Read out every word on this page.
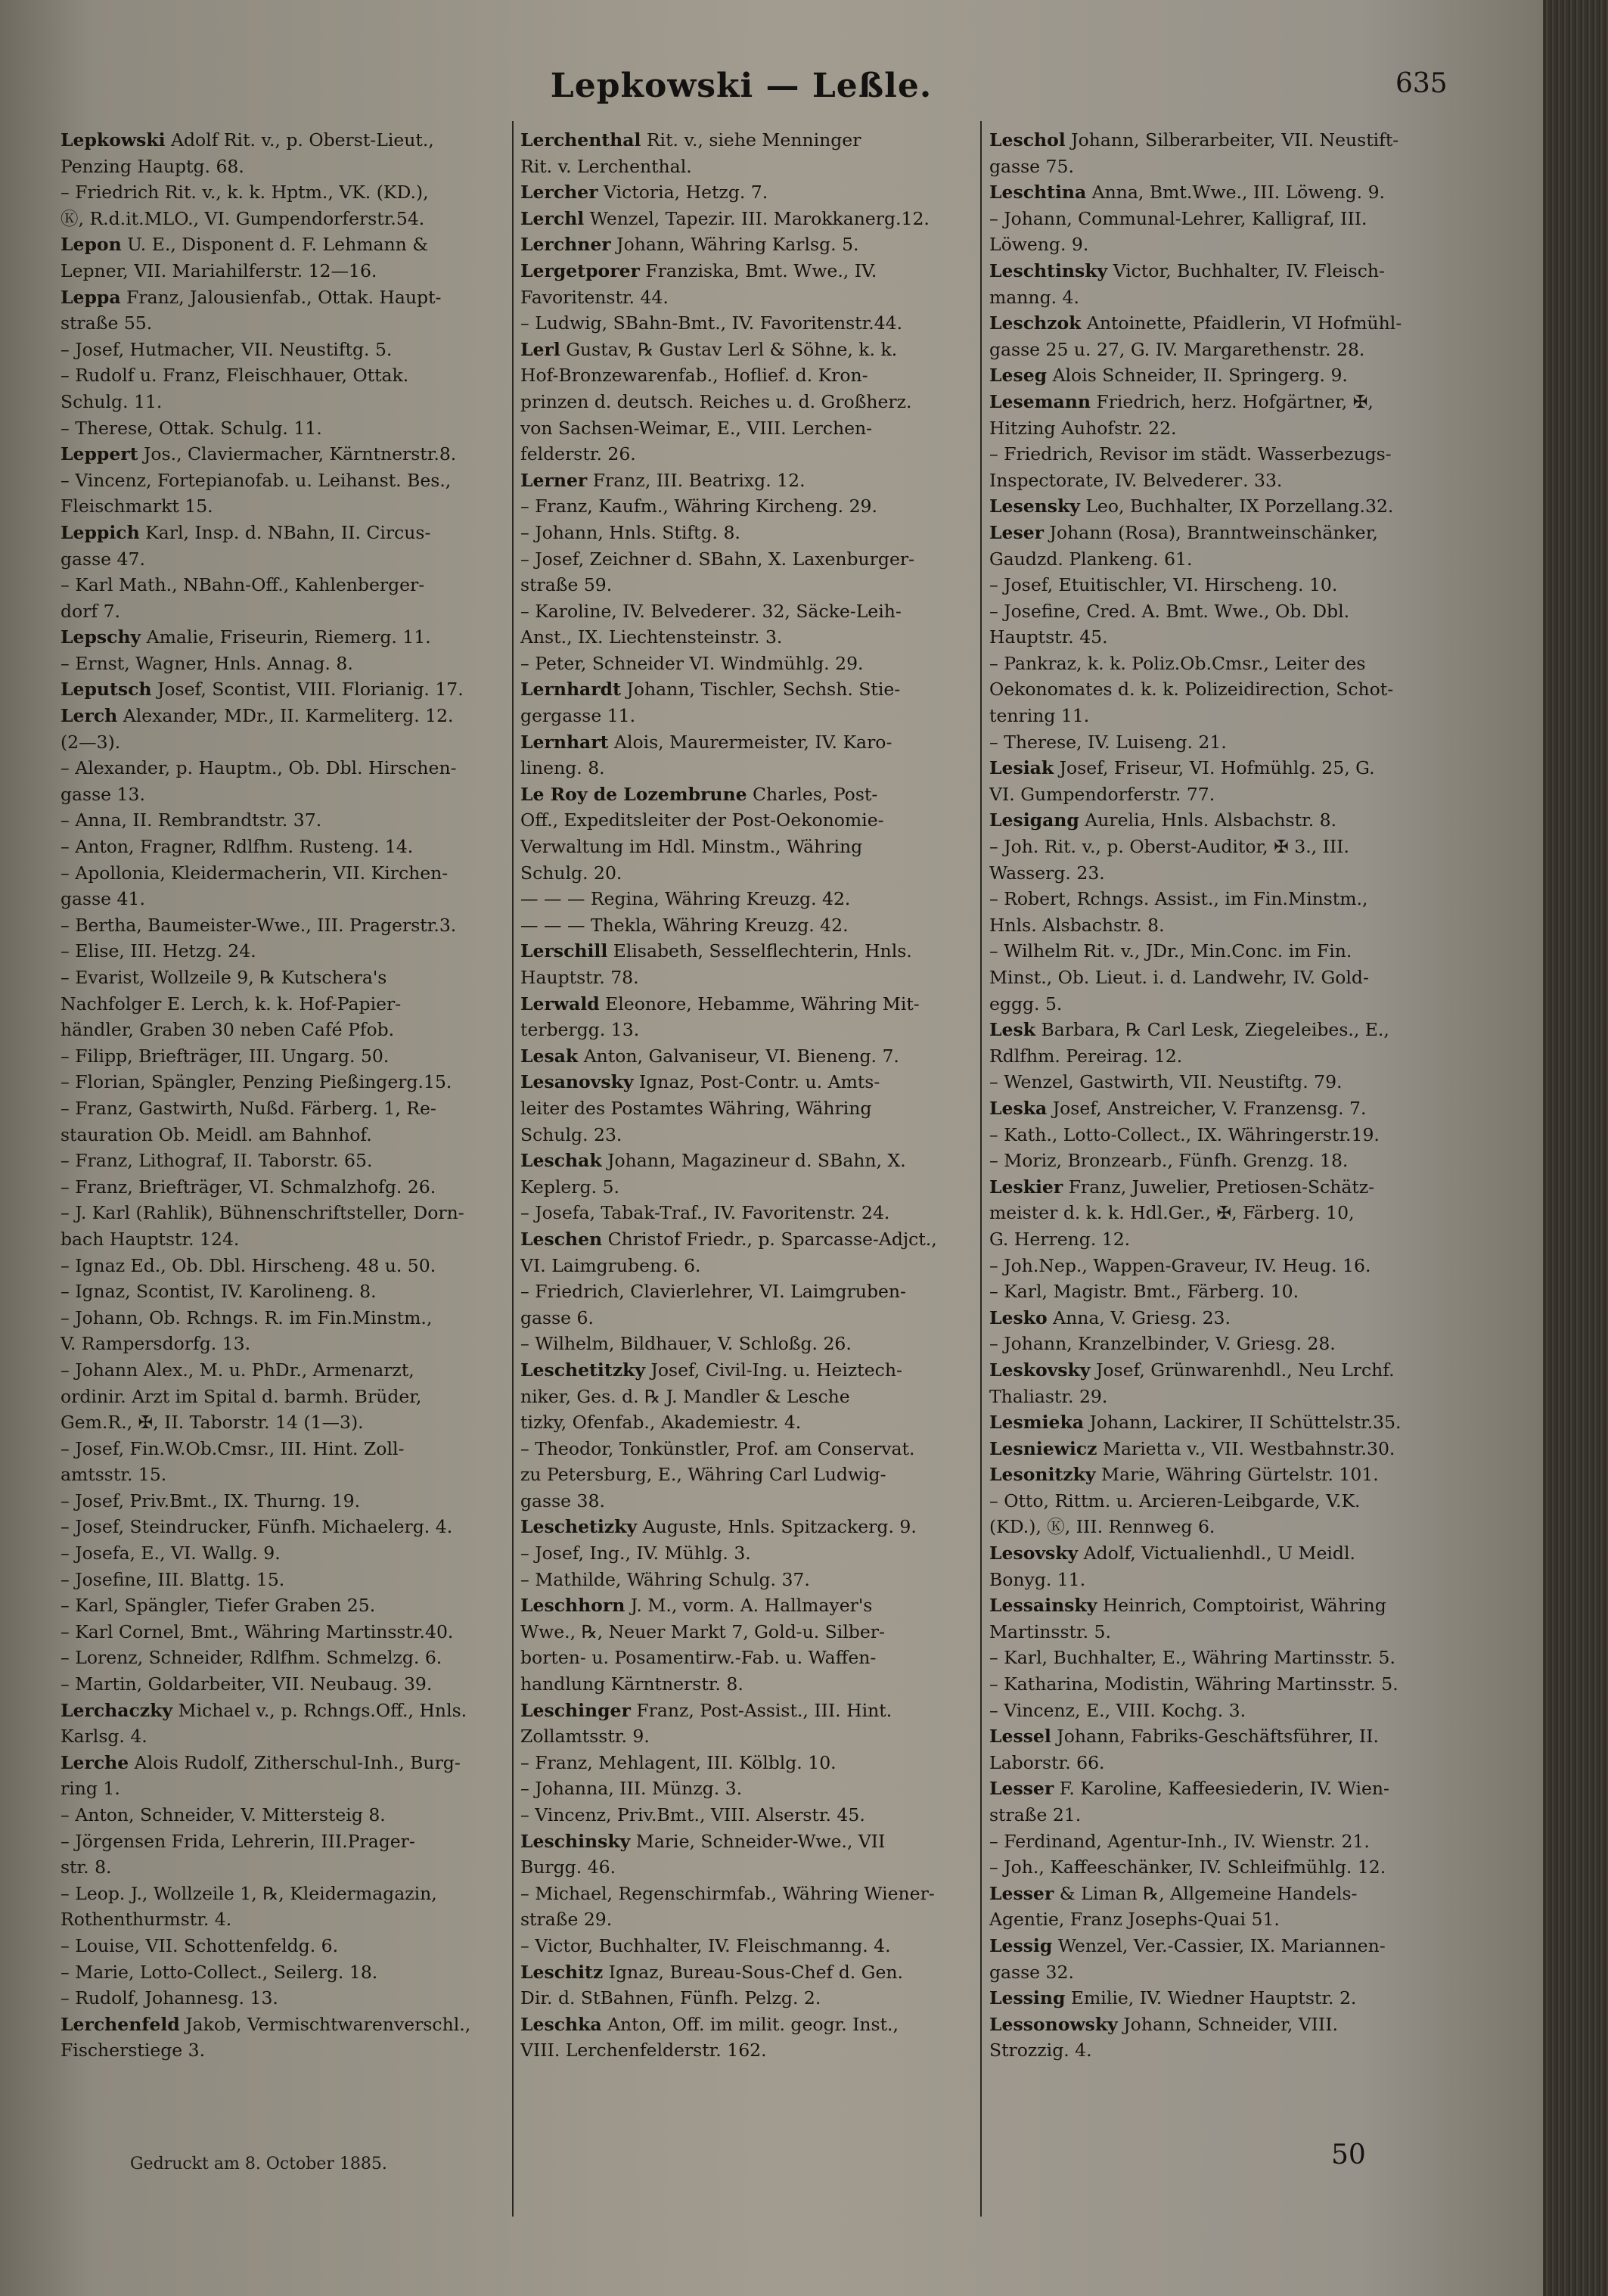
Lepkowski — Leßle.	635
Lepkowski Adolf Rit. v., p. Oberst-Lieut.,
Penzing Hauptg. 68.
– Friedrich Rit. v., k. k. Hptm., VK. (KD.),
Ⓚ, R.d.it.MLO., VI. Gumpendorferstr.54.
Lepon U. E., Disponent d. F. Lehmann &
Lepner, VII. Mariahilferstr. 12—16.
Leppa Franz, Jalousienfab., Ottak. Haupt-
straße 55.
– Josef, Hutmacher, VII. Neustiftg. 5.
– Rudolf u. Franz, Fleischhauer, Ottak.
Schulg. 11.
– Therese, Ottak. Schulg. 11.
Leppert Jos., Claviermacher, Kärntnerstr.8.
– Vincenz, Fortepianofab. u. Leihanst. Bes.,
Fleischmarkt 15.
Leppich Karl, Insp. d. NBahn, II. Circus-
gasse 47.
– Karl Math., NBahn-Off., Kahlenberger-
dorf 7.
Lepschy Amalie, Friseurin, Riemerg. 11.
– Ernst, Wagner, Hnls. Annag. 8.
Leputsch Josef, Scontist, VIII. Florianig. 17.
Lerch Alexander, MDr., II. Karmeliterg. 12.
(2—3).
– Alexander, p. Hauptm., Ob. Dbl. Hirschen-
gasse 13.
– Anna, II. Rembrandtstr. 37.
– Anton, Fragner, Rdlfhm. Rusteng. 14.
– Apollonia, Kleidermacherin, VII. Kirchen-
gasse 41.
– Bertha, Baumeister-Wwe., III. Pragerstr.3.
– Elise, III. Hetzg. 24.
– Evarist, Wollzeile 9, ℞ Kutschera's
Nachfolger E. Lerch, k. k. Hof-Papier-
händler, Graben 30 neben Café Pfob.
– Filipp, Briefträger, III. Ungarg. 50.
– Florian, Spängler, Penzing Pießingerg.15.
– Franz, Gastwirth, Nußd. Färberg. 1, Re-
stauration Ob. Meidl. am Bahnhof.
– Franz, Lithograf, II. Taborstr. 65.
– Franz, Briefträger, VI. Schmalzhofg. 26.
– J. Karl (Rahlik), Bühnenschriftsteller, Dorn-
bach Hauptstr. 124.
– Ignaz Ed., Ob. Dbl. Hirscheng. 48 u. 50.
– Ignaz, Scontist, IV. Karolineng. 8.
– Johann, Ob. Rchngs. R. im Fin.Minstm.,
V. Rampersdorfg. 13.
– Johann Alex., M. u. PhDr., Armenarzt,
ordinir. Arzt im Spital d. barmh. Brüder,
Gem.R., ✠, II. Taborstr. 14 (1—3).
– Josef, Fin.W.Ob.Cmsr., III. Hint. Zoll-
amtsstr. 15.
– Josef, Priv.Bmt., IX. Thurng. 19.
– Josef, Steindrucker, Fünfh. Michaelerg. 4.
– Josefa, E., VI. Wallg. 9.
– Josefine, III. Blattg. 15.
– Karl, Spängler, Tiefer Graben 25.
– Karl Cornel, Bmt., Währing Martinsstr.40.
– Lorenz, Schneider, Rdlfhm. Schmelzg. 6.
– Martin, Goldarbeiter, VII. Neubaug. 39.
Lerchaczky Michael v., p. Rchngs.Off., Hnls.
Karlsg. 4.
Lerche Alois Rudolf, Zitherschul-Inh., Burg-
ring 1.
– Anton, Schneider, V. Mittersteig 8.
– Jörgensen Frida, Lehrerin, III.Prager-
str. 8.
– Leop. J., Wollzeile 1, ℞, Kleidermagazin,
Rothenthurmstr. 4.
– Louise, VII. Schottenfeldg. 6.
– Marie, Lotto-Collect., Seilerg. 18.
– Rudolf, Johannesg. 13.
Lerchenfeld Jakob, Vermischtwarenverschl.,
Fischerstiege 3.
Lerchenthal Rit. v., siehe Menninger
Rit. v. Lerchenthal.
Lercher Victoria, Hetzg. 7.
Lerchl Wenzel, Tapezir. III. Marokkanerg.12.
Lerchner Johann, Währing Karlsg. 5.
Lergetporer Franziska, Bmt. Wwe., IV.
Favoritenstr. 44.
– Ludwig, SBahn-Bmt., IV. Favoritenstr.44.
Lerl Gustav, ℞ Gustav Lerl & Söhne, k. k.
Hof-Bronzewarenfab., Hoflief. d. Kron-
prinzen d. deutsch. Reiches u. d. Großherz.
von Sachsen-Weimar, E., VIII. Lerchen-
felderstr. 26.
Lerner Franz, III. Beatrixg. 12.
– Franz, Kaufm., Währing Kircheng. 29.
– Johann, Hnls. Stiftg. 8.
– Josef, Zeichner d. SBahn, X. Laxenburger-
straße 59.
– Karoline, IV. Belvederег. 32, Säcke-Leih-
Anst., IX. Liechtensteinstr. 3.
– Peter, Schneider VI. Windmühlg. 29.
Lernhardt Johann, Tischler, Sechsh. Stie-
gergasse 11.
Lernhart Alois, Maurermeister, IV. Karo-
lineng. 8.
Le Roy de Lozembrune Charles, Post-
Off., Expeditsleiter der Post-Oekonomie-
Verwaltung im Hdl. Minstm., Währing
Schulg. 20.
— — — Regina, Währing Kreuzg. 42.
— — — Thekla, Währing Kreuzg. 42.
Lerschill Elisabeth, Sesselflechterin, Hnls.
Hauptstr. 78.
Lerwald Eleonore, Hebamme, Währing Mit-
terbergg. 13.
Lesak Anton, Galvaniseur, VI. Bieneng. 7.
Lesanovsky Ignaz, Post-Contr. u. Amts-
leiter des Postamtes Währing, Währing
Schulg. 23.
Leschak Johann, Magazineur d. SBahn, X.
Keplerg. 5.
– Josefa, Tabak-Traf., IV. Favoritenstr. 24.
Leschen Christof Friedr., p. Sparcasse-Adjct.,
VI. Laimgrubeng. 6.
– Friedrich, Clavierlehrer, VI. Laimgruben-
gasse 6.
– Wilhelm, Bildhauer, V. Schloßg. 26.
Leschetitzky Josef, Civil-Ing. u. Heiztech-
niker, Ges. d. ℞ J. Mandler & Lesche
tizky, Ofenfab., Akademiestr. 4.
– Theodor, Tonkünstler, Prof. am Conservat.
zu Petersburg, E., Währing Carl Ludwig-
gasse 38.
Leschetizky Auguste, Hnls. Spitzackerg. 9.
– Josef, Ing., IV. Mühlg. 3.
– Mathilde, Währing Schulg. 37.
Leschhorn J. M., vorm. A. Hallmayer's
Wwe., ℞, Neuer Markt 7, Gold-u. Silber-
borten- u. Posamentirw.-Fab. u. Waffen-
handlung Kärntnerstr. 8.
Leschinger Franz, Post-Assist., III. Hint.
Zollamtsstr. 9.
– Franz, Mehlagent, III. Kölblg. 10.
– Johanna, III. Münzg. 3.
– Vincenz, Priv.Bmt., VIII. Alserstr. 45.
Leschinsky Marie, Schneider-Wwe., VII
Burgg. 46.
– Michael, Regenschirmfab., Währing Wiener-
straße 29.
– Victor, Buchhalter, IV. Fleischmanng. 4.
Leschitz Ignaz, Bureau-Sous-Chef d. Gen.
Dir. d. StBahnen, Fünfh. Pelzg. 2.
Leschka Anton, Off. im milit. geogr. Inst.,
VIII. Lerchenfelderstr. 162.
Leschol Johann, Silberarbeiter, VII. Neustift-
gasse 75.
Leschtina Anna, Bmt.Wwe., III. Löweng. 9.
– Johann, Communal-Lehrer, Kalligraf, III.
Löweng. 9.
Leschtinsky Victor, Buchhalter, IV. Fleisch-
manng. 4.
Leschzok Antoinette, Pfaidlerin, VI Hofmühl-
gasse 25 u. 27, G. IV. Margarethenstr. 28.
Leseg Alois Schneider, II. Springerg. 9.
Lesemann Friedrich, herz. Hofgärtner, ✠,
Hitzing Auhofstr. 22.
– Friedrich, Revisor im städt. Wasserbezugs-
Inspectorate, IV. Belvederег. 33.
Lesensky Leo, Buchhalter, IX Porzellang.32.
Leser Johann (Rosa), Branntweinschänker,
Gaudzd. Plankeng. 61.
– Josef, Etuitischler, VI. Hirscheng. 10.
– Josefine, Cred. A. Bmt. Wwe., Ob. Dbl.
Hauptstr. 45.
– Pankraz, k. k. Poliz.Ob.Cmsr., Leiter des
Oekonomates d. k. k. Polizeidirection, Schot-
tenring 11.
– Therese, IV. Luiseng. 21.
Lesiak Josef, Friseur, VI. Hofmühlg. 25, G.
VI. Gumpendorferstr. 77.
Lesigang Aurelia, Hnls. Alsbachstr. 8.
– Joh. Rit. v., p. Oberst-Auditor, ✠ 3., III.
Wasserg. 23.
– Robert, Rchngs. Assist., im Fin.Minstm.,
Hnls. Alsbachstr. 8.
– Wilhelm Rit. v., JDr., Min.Conc. im Fin.
Minst., Ob. Lieut. i. d. Landwehr, IV. Gold-
eggg. 5.
Lesk Barbara, ℞ Carl Lesk, Ziegeleibes., E.,
Rdlfhm. Pereirag. 12.
– Wenzel, Gastwirth, VII. Neustiftg. 79.
Leska Josef, Anstreicher, V. Franzensg. 7.
– Kath., Lotto-Collect., IX. Währingerstr.19.
– Moriz, Bronzearb., Fünfh. Grenzg. 18.
Leskier Franz, Juwelier, Pretiosen-Schätz-
meister d. k. k. Hdl.Ger., ✠, Färberg. 10,
G. Herreng. 12.
– Joh.Nep., Wappen-Graveur, IV. Heug. 16.
– Karl, Magistr. Bmt., Färberg. 10.
Lesko Anna, V. Griesg. 23.
– Johann, Kranzelbinder, V. Griesg. 28.
Leskovsky Josef, Grünwarenhdl., Neu Lrchf.
Thaliastr. 29.
Lesmieka Johann, Lackirer, II Schüttelstr.35.
Lesniewicz Marietta v., VII. Westbahnstr.30.
Lesonitzky Marie, Währing Gürtelstr. 101.
– Otto, Rittm. u. Arcieren-Leibgarde, V.K.
(KD.), Ⓚ, III. Rennweg 6.
Lesovsky Adolf, Victualienhdl., U Meidl.
Bonyg. 11.
Lessainsky Heinrich, Comptoirist, Währing
Martinsstr. 5.
– Karl, Buchhalter, E., Währing Martinsstr. 5.
– Katharina, Modistin, Währing Martinsstr. 5.
– Vincenz, E., VIII. Kochg. 3.
Lessel Johann, Fabriks-Geschäftsführer, II.
Laborstr. 66.
Lesser F. Karoline, Kaffeesiederin, IV. Wien-
straße 21.
– Ferdinand, Agentur-Inh., IV. Wienstr. 21.
– Joh., Kaffeeschänker, IV. Schleifmühlg. 12.
Lesser & Liman ℞, Allgemeine Handels-
Agentie, Franz Josephs-Quai 51.
Lessig Wenzel, Ver.-Cassier, IX. Mariannen-
gasse 32.
Lessing Emilie, IV. Wiedner Hauptstr. 2.
Lessonowsky Johann, Schneider, VIII.
Strozzig. 4.
Gedruckt am 8. October 1885.	50
